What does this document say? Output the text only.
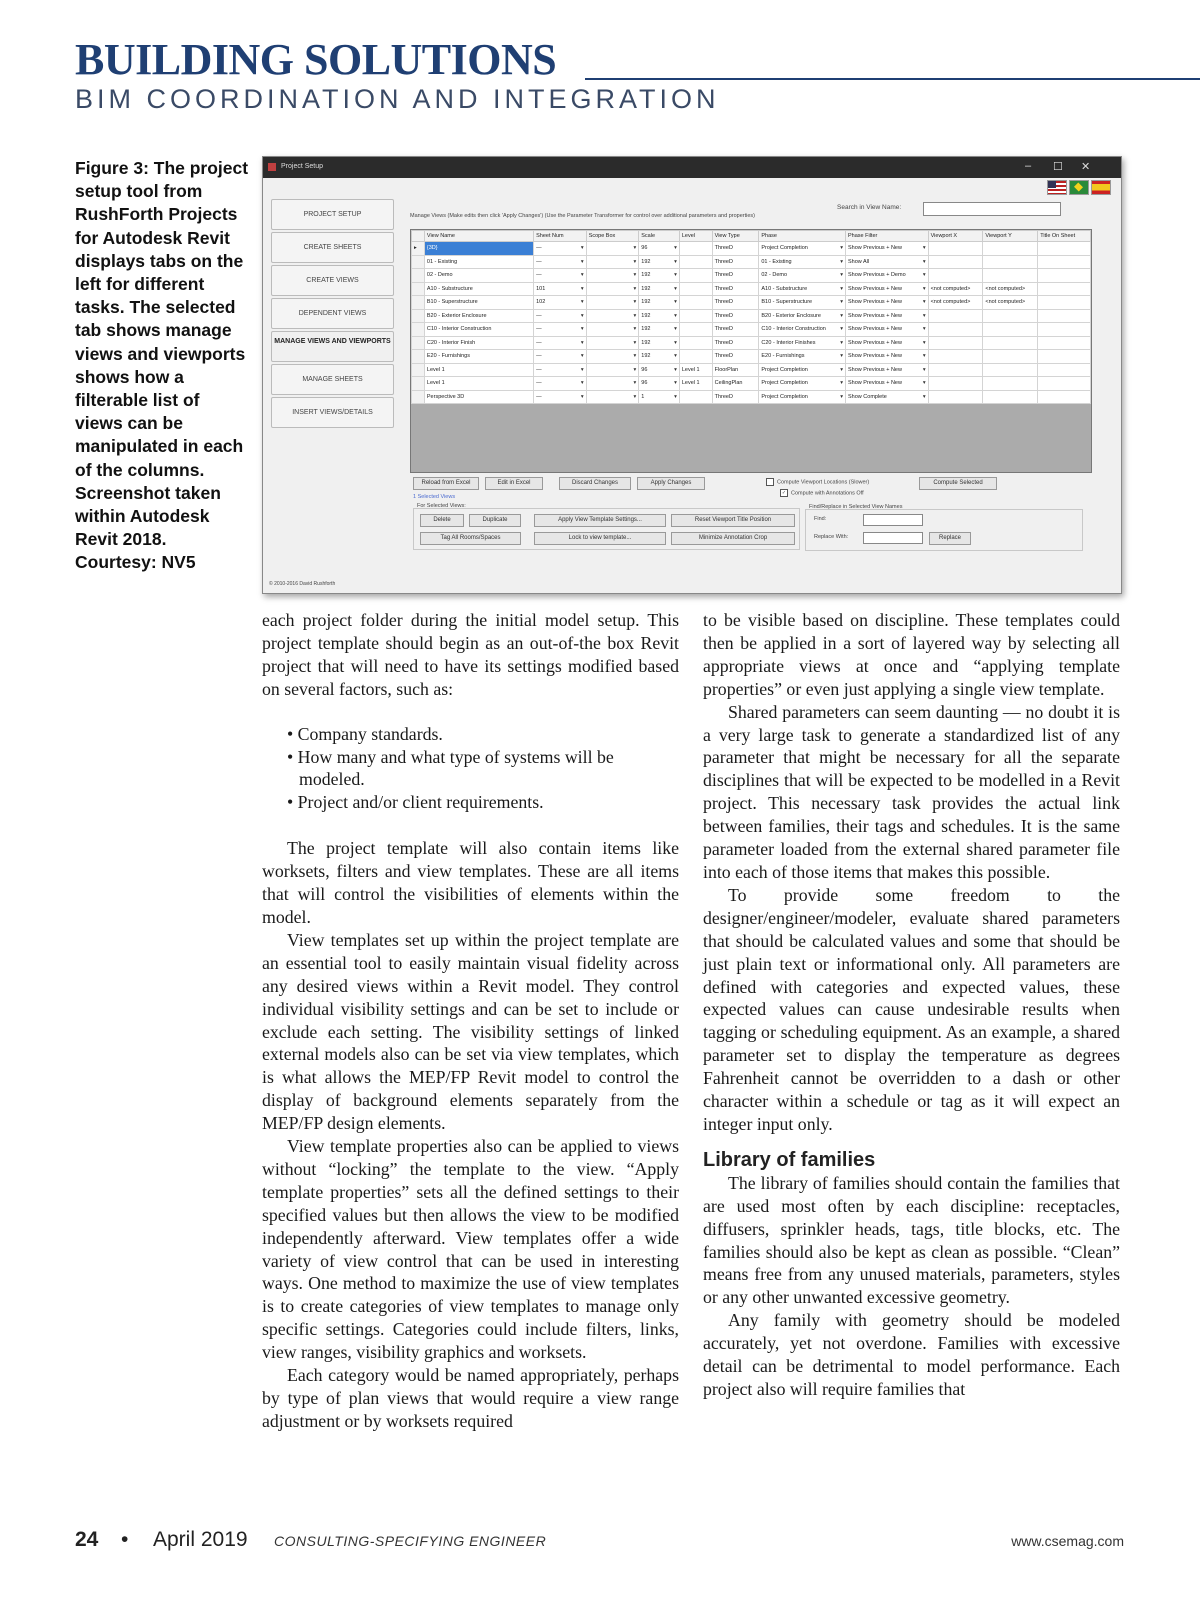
BUILDING SOLUTIONS
BIM COORDINATION AND INTEGRATION
Figure 3: The project setup tool from RushForth Projects for Autodesk Revit displays tabs on the left for different tasks. The selected tab shows manage views and viewports shows how a filterable list of views can be manipulated in each of the columns. Screenshot taken within Autodesk Revit 2018. Courtesy: NV5
Project Setup	– ☐ ✕
PROJECT SETUP
CREATE SHEETS
CREATE VIEWS
DEPENDENT VIEWS
MANAGE VIEWS AND VIEWPORTS
MANAGE SHEETS
INSERT VIEWS/DETAILS
Manage Views (Make edits then click 'Apply Changes') (Use the Parameter Transformer for control over additional parameters and properties)
Search in View Name:
	View Name	Sheet Num	Scope Box	Scale	Level	View Type	Phase	Phase Filter	Viewport X	Viewport Y	Title On Sheet
▸	{3D}	— ▾	▾	96 ▾		ThreeD	Project Completion ▾	Show Previous + New ▾			

	01 - Existing	— ▾	▾	192 ▾		ThreeD	01 - Existing ▾	Show All ▾			

	02 - Demo	— ▾	▾	192 ▾		ThreeD	02 - Demo ▾	Show Previous + Demo ▾			

	A10 - Substructure	101 ▾	▾	192 ▾		ThreeD	A10 - Substructure ▾	Show Previous + New ▾	<not computed>	<not computed>	
	B10 - Superstructure	102 ▾	▾	192 ▾		ThreeD	B10 - Superstructure ▾	Show Previous + New ▾	<not computed>	<not computed>	
	B20 - Exterior Enclosure	— ▾	▾	192 ▾		ThreeD	B20 - Exterior Enclosure ▾	Show Previous + New ▾			

	C10 - Interior Construction	— ▾	▾	192 ▾		ThreeD	C10 - Interior Construction ▾	Show Previous + New ▾			

	C20 - Interior Finish	— ▾	▾	192 ▾		ThreeD	C20 - Interior Finishes ▾	Show Previous + New ▾			

	E20 - Furnishings	— ▾	▾	192 ▾		ThreeD	E20 - Furnishings ▾	Show Previous + New ▾			

	Level 1	— ▾	▾	96 ▾	Level 1	FloorPlan	Project Completion ▾	Show Previous + New ▾			

	Level 1	— ▾	▾	96 ▾	Level 1	CeilingPlan	Project Completion ▾	Show Previous + New ▾			

	Perspective 3D	— ▾	▾	1 ▾		ThreeD	Project Completion ▾	Show Complete ▾			

Reload from Excel	Edit in Excel	Discard Changes	Apply Changes	Compute Viewport Locations (Slower)
✓ Compute with Annotations Off
Compute Selected
1 Selected Views
For Selected Views:
Delete	Duplicate	Apply View Template Settings...	Reset Viewport Title Position
Tag All Rooms/Spaces	Lock to view template...	Minimize Annotation Crop
Find/Replace in Selected View Names
Find:
Replace With:	Replace
© 2010-2016 David Rushforth

each project folder during the initial model setup. This project template should begin as an out-of-the box Revit project that will need to have its settings modified based on several factors, such as:

• Company standards.
• How many and what type of systems will be modeled.
• Project and/or client requirements.

The project template will also contain items like worksets, filters and view templates. These are all items that will control the visibilities of elements within the model.

View templates set up within the project template are an essential tool to easily maintain visual fidelity across any desired views within a Revit model. They control individual visibility settings and can be set to include or exclude each setting. The visibility settings of linked external models also can be set via view templates, which is what allows the MEP/FP Revit model to control the display of background elements separately from the MEP/FP design elements.

View template properties also can be applied to views without “locking” the template to the view. “Apply template properties” sets all the defined settings to their specified values but then allows the view to be modified independently afterward. View templates offer a wide variety of view control that can be used in interesting ways. One method to maximize the use of view templates is to create categories of view templates to manage only specific settings. Categories could include filters, links, view ranges, visibility graphics and worksets.

Each category would be named appropriately, perhaps by type of plan views that would require a view range adjustment or by worksets required

to be visible based on discipline. These templates could then be applied in a sort of layered way by selecting all appropriate views at once and “applying template properties” or even just applying a single view template.

Shared parameters can seem daunting — no doubt it is a very large task to generate a standardized list of any parameter that might be necessary for all the separate disciplines that will be expected to be modelled in a Revit project. This necessary task provides the actual link between families, their tags and schedules. It is the same parameter loaded from the external shared parameter file into each of those items that makes this possible.

To provide some freedom to the designer/engineer/modeler, evaluate shared parameters that should be calculated values and some that should be just plain text or informational only. All parameters are defined with categories and expected values, these expected values can cause undesirable results when tagging or scheduling equipment. As an example, a shared parameter set to display the temperature as degrees Fahrenheit cannot be overridden to a dash or other character within a schedule or tag as it will expect an integer input only.

Library of families

The library of families should contain the families that are used most often by each discipline: receptacles, diffusers, sprinkler heads, tags, title blocks, etc. The families should also be kept as clean as possible. “Clean” means free from any unused materials, parameters, styles or any other unwanted excessive geometry.

Any family with geometry should be modeled accurately, yet not overdone. Families with excessive detail can be detrimental to model performance. Each project also will require families that

24 • April 2019 CONSULTING-SPECIFYING ENGINEER	www.csemag.com
